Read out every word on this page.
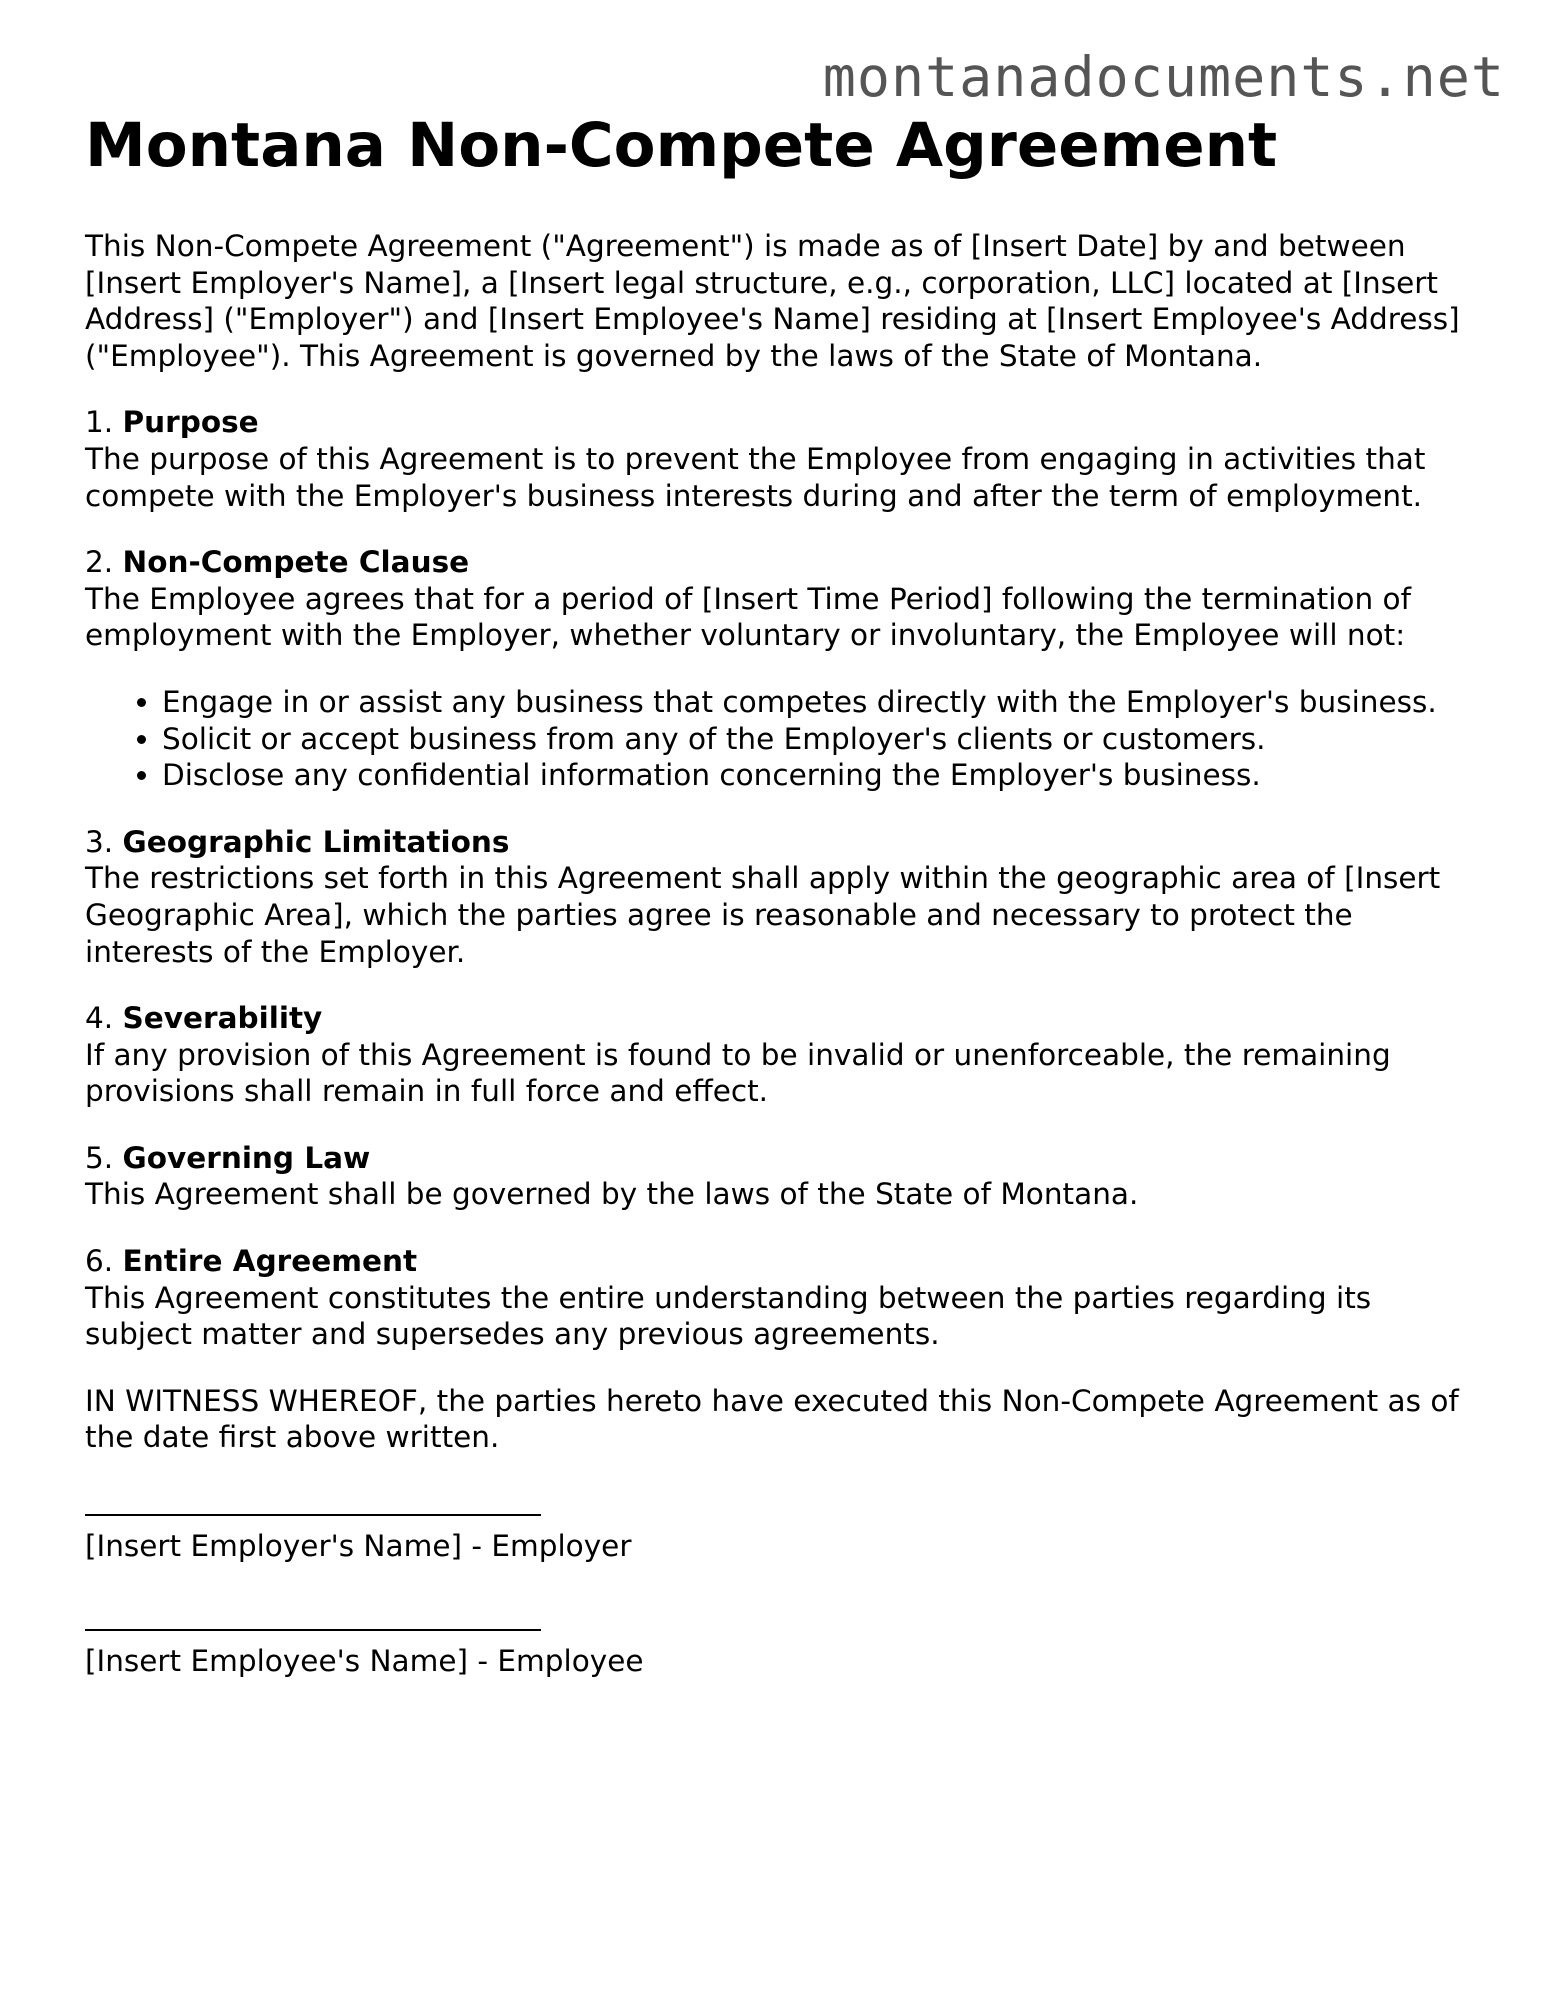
montanadocuments.net
Montana Non-Compete Agreement

This Non-Compete Agreement ("Agreement") is made as of [Insert Date] by and between [Insert Employer's Name], a [Insert legal structure, e.g., corporation, LLC] located at [Insert Address] ("Employer") and [Insert Employee's Name] residing at [Insert Employee's Address] ("Employee"). This Agreement is governed by the laws of the State of Montana.

1. Purpose

The purpose of this Agreement is to prevent the Employee from engaging in activities that compete with the Employer's business interests during and after the term of employment.

2. Non-Compete Clause

The Employee agrees that for a period of [Insert Time Period] following the termination of employment with the Employer, whether voluntary or involuntary, the Employee will not:

• Engage in or assist any business that competes directly with the Employer's business.
• Solicit or accept business from any of the Employer's clients or customers.
• Disclose any confidential information concerning the Employer's business.

3. Geographic Limitations

The restrictions set forth in this Agreement shall apply within the geographic area of [Insert Geographic Area], which the parties agree is reasonable and necessary to protect the interests of the Employer.

4. Severability

If any provision of this Agreement is found to be invalid or unenforceable, the remaining provisions shall remain in full force and effect.

5. Governing Law

This Agreement shall be governed by the laws of the State of Montana.

6. Entire Agreement

This Agreement constitutes the entire understanding between the parties regarding its subject matter and supersedes any previous agreements.

IN WITNESS WHEREOF, the parties hereto have executed this Non-Compete Agreement as of the date first above written.

[Insert Employer's Name] - Employer
[Insert Employee's Name] - Employee
